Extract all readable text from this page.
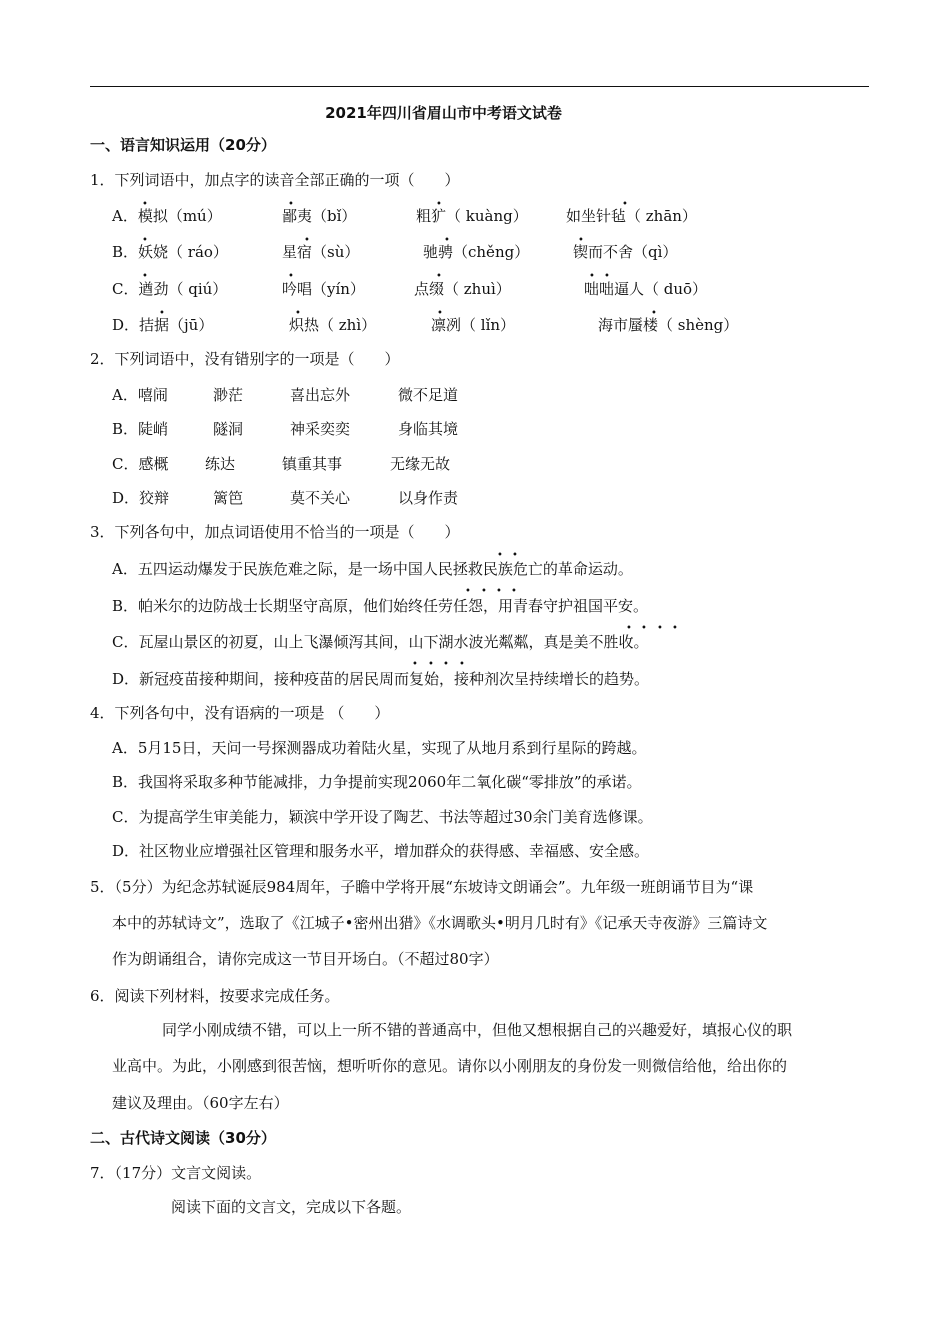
2021年四川省眉山市中考语文试卷
一、语言知识运用（20分）
1．下列词语中，加点字的读音全部正确的一项（　　）
A．模拟（mú）	鄙夷（bǐ）	粗犷（ kuàng）	如坐针毡（ zhān）
B．妖娆（ ráo）	星宿（sù）	驰骋（chěng）	锲而不舍（qì）
C．遒劲（ qiú）	吟唱（yín）	点缀（ zhuì）	咄咄逼人（ duō）
D．拮据（jū）	炽热（ zhì）	凛冽（ lǐn）	海市蜃楼（ shèng）
•	•	•	•
•	•	•	•
•	•	•	• •
•	•	•	•
2．下列词语中，没有错别字的一项是（　　）
A．嘻闹	渺茫	喜出忘外	微不足道
B．陡峭	隧洞	神采奕奕	身临其境
C．感概 练达	镇重其事	无缘无故
D．狡辩	篱笆	莫不关心	以身作责
3．下列各句中，加点词语使用不恰当的一项是（　　）
A．五四运动爆发于民族危难之际，是一场中国人民拯救民族危亡的革命运动。
B．帕米尔的边防战士长期坚守高原，他们始终任劳任怨，用青春守护祖国平安。
C．瓦屋山景区的初夏，山上飞瀑倾泻其间，山下湖水波光粼粼，真是美不胜收。
D．新冠疫苗接种期间，接种疫苗的居民周而复始，接种剂次呈持续增长的趋势。
• •
• • • •
• • • •
• • • •
4．下列各句中，没有语病的一项是 （　　）
A．5月15日，天问一号探测器成功着陆火星，实现了从地月系到行星际的跨越。
B．我国将采取多种节能减排，力争提前实现2060年二氧化碳“零排放”的承诺。
C．为提高学生审美能力，颖滨中学开设了陶艺、书法等超过30余门美育选修课。
D．社区物业应增强社区管理和服务水平，增加群众的获得感、幸福感、安全感。
5．（5分）为纪念苏轼诞辰984周年，子瞻中学将开展“东坡诗文朗诵会”。九年级一班朗诵节目为“课
本中的苏轼诗文”，选取了《江城子•密州出猎》《水调歌头•明月几时有》《记承天寺夜游》三篇诗文
作为朗诵组合，请你完成这一节目开场白。（不超过80字）
6．阅读下列材料，按要求完成任务。
同学小刚成绩不错，可以上一所不错的普通高中，但他又想根据自己的兴趣爱好，填报心仪的职
业高中。为此，小刚感到很苦恼，想听听你的意见。请你以小刚朋友的身份发一则微信给他，给出你的
建议及理由。（60字左右）
二、古代诗文阅读（30分）
7．（17分）文言文阅读。
阅读下面的文言文，完成以下各题。
